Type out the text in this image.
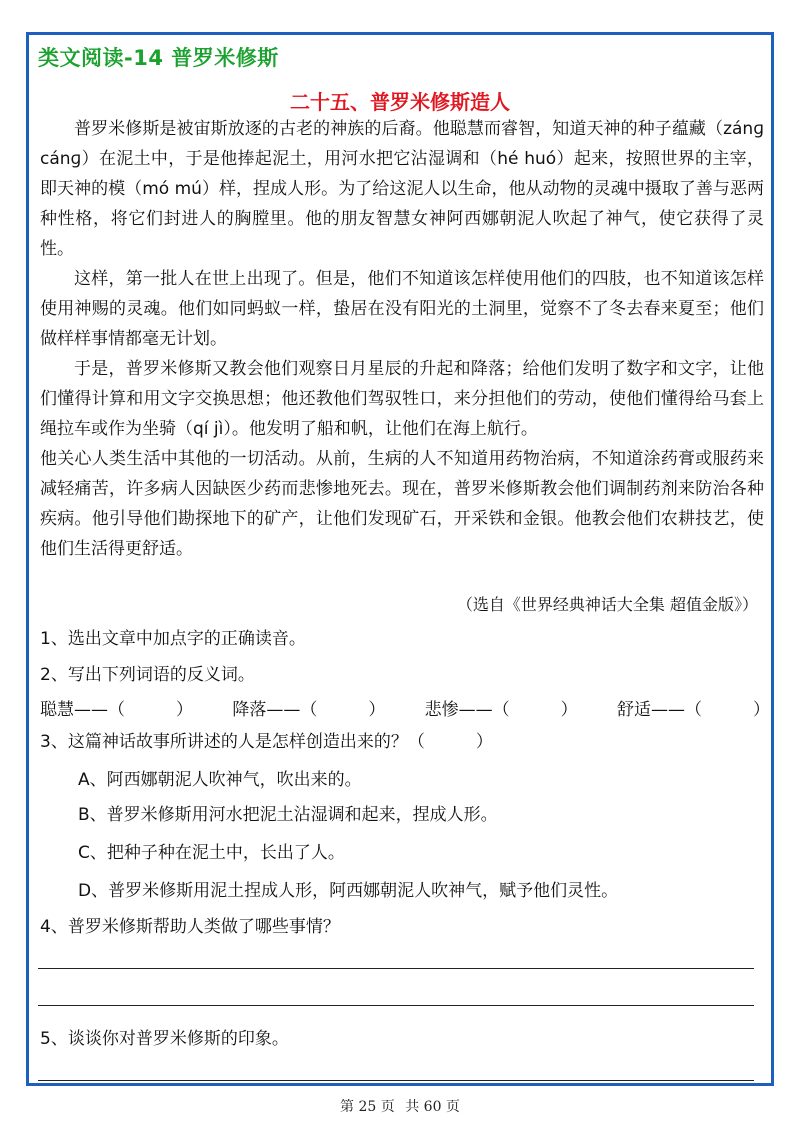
类文阅读-14 普罗米修斯
二十五、普罗米修斯造人

普罗米修斯是被宙斯放逐的古老的神族的后裔。他聪慧而睿智，知道天神的种子蕴藏（zánɡ cánɡ）在泥土中，于是他捧起泥土，用河水把它沾湿调和（hé huó）起来，按照世界的主宰，即天神的模（mó mú）样，捏成人形。为了给这泥人以生命，他从动物的灵魂中摄取了善与恶两种性格，将它们封进人的胸膛里。他的朋友智慧女神阿西娜朝泥人吹起了神气，使它获得了灵性。

这样，第一批人在世上出现了。但是，他们不知道该怎样使用他们的四肢，也不知道该怎样使用神赐的灵魂。他们如同蚂蚁一样，蛰居在没有阳光的土洞里，觉察不了冬去春来夏至；他们做样样事情都毫无计划。

于是，普罗米修斯又教会他们观察日月星辰的升起和降落；给他们发明了数字和文字，让他们懂得计算和用文字交换思想；他还教他们驾驭牲口，来分担他们的劳动，使他们懂得给马套上绳拉车或作为坐骑（qí jì）。他发明了船和帆，让他们在海上航行。

他关心人类生活中其他的一切活动。从前，生病的人不知道用药物治病，不知道涂药膏或服药来减轻痛苦，许多病人因缺医少药而悲惨地死去。现在，普罗米修斯教会他们调制药剂来防治各种疾病。他引导他们勘探地下的矿产，让他们发现矿石，开采铁和金银。他教会他们农耕技艺，使他们生活得更舒适。

（选自《世界经典神话大全集 超值金版》）
1、选出文章中加点字的正确读音。
2、写出下列词语的反义词。
聪慧——（　　　） 降落——（　　　） 悲惨——（　　　） 舒适——（　　　）
3、这篇神话故事所讲述的人是怎样创造出来的？（　　　）
A、阿西娜朝泥人吹神气，吹出来的。
B、普罗米修斯用河水把泥土沾湿调和起来，捏成人形。
C、把种子种在泥土中，长出了人。
D、普罗米修斯用泥土捏成人形，阿西娜朝泥人吹神气，赋予他们灵性。
4、普罗米修斯帮助人类做了哪些事情？
5、谈谈你对普罗米修斯的印象。
第 25 页 共 60 页
